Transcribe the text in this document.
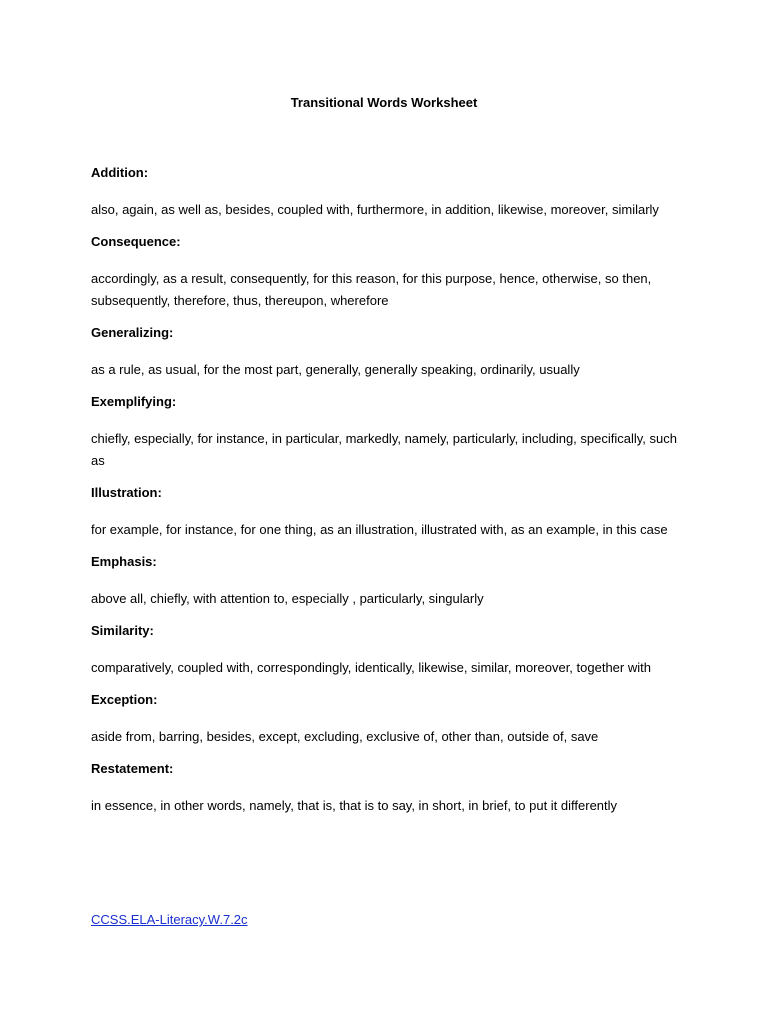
Transitional Words Worksheet

Addition:

also, again, as well as, besides, coupled with, furthermore, in addition, likewise, moreover, similarly

Consequence:

accordingly, as a result, consequently, for this reason, for this purpose, hence, otherwise, so then, subsequently, therefore, thus, thereupon, wherefore

Generalizing:

as a rule, as usual, for the most part, generally, generally speaking, ordinarily, usually

Exemplifying:

chiefly, especially, for instance, in particular, markedly, namely, particularly, including, specifically, such as

Illustration:

for example, for instance, for one thing, as an illustration, illustrated with, as an example, in this case

Emphasis:

above all, chiefly, with attention to, especially , particularly, singularly

Similarity:

comparatively, coupled with, correspondingly, identically, likewise, similar, moreover, together with

Exception:

aside from, barring, besides, except, excluding, exclusive of, other than, outside of, save

Restatement:

in essence, in other words, namely, that is, that is to say, in short, in brief, to put it differently

CCSS.ELA-Literacy.W.7.2c
